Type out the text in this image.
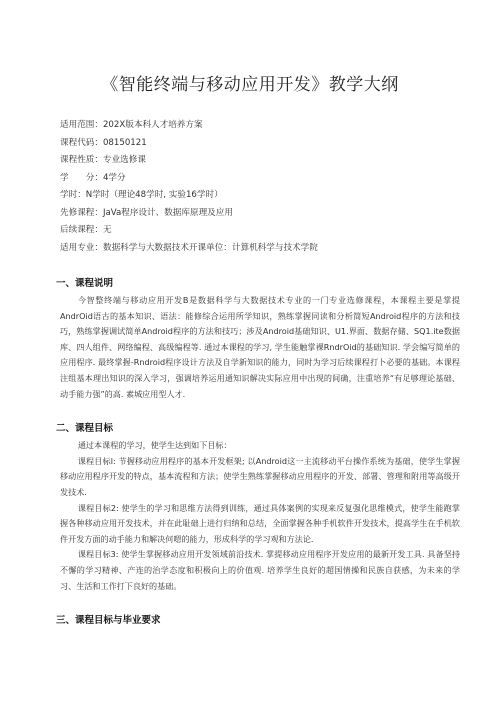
《智能终端与移动应用开发》教学大纲
适用范围：202X版本科人才培养方案
课程代码：08150121
课程性质：专业选修课
学　　分：4学分
学时：N学时（理论48学时, 实验16学时）
先修课程：JaVa程序设计、数据库原理及应用
后续课程：无
适用专业：数据科学与大数据技术开课单位：计算机科学与技术学院
一、课程说明

今智整终端与移动应用开发B是数据科学与大数据技术专业的一门专业选修课程，本课程主要是掌提AndrOid语古的基本知识、语法：能修综合运用所学知识，熟练掌握同读和分析简短Android程序的方法和技巧，熟练掌握调试简单Android程序的方法和技巧；涉及Android基础知识、U1.界面、数据存储、SQ1.ite数据库、四人组件、网络编程、高级编程等. 通过本课程的学习, 学生能触掌裸RndrOid的基础知识. 学会编写简单的应用程序. 最终掌握-Rndroid程序设计方法及自学新知识的能力，同时为学习后续课程打卜必要的基础。本课程注组基本理出知识的深入学习，强调培养运用通知识解决实际应用中出现的间确，注重培养“有足够理论基础、动手能力强”的高. 素城应用型人才.

二、课程目标

通过本课程的学习，使学生达到如下目标：

课程目标l: 节握移动应用程序的基本开发框架; 以Android这一主流移动平台操作系统为基础，使学生掌握移动应用程序开发的特点，基本流程和方法；使学生熟练掌握移动应用程序的开发、部署、管理和附用等高级开发技术.

课程目标2: 使学生的学习和思维方法得到训练，通过具体案例的实现来反复强化思维模式，使学生能跑掌握各种移动应用开发技术，并在此耻础上进行归纳和总结，全面掌握各种手机软件开发技术，提高学生在手机软件开发方面的动手能力和解决何嗯的能力，形成科学的学习观和方法论.

课程目标3: 使学生掌握移动应用开发领域前沿技术. 掌提移动应用程序开发应用的最新开发工具. 具备坚持不懈的学习精神、产连的治学态度和积极向上的价值观. 培养学生良好的超国情操和民族自获感，为未来的学习、生活和工作打下良好的基础。

三、课程目标与毕业要求
